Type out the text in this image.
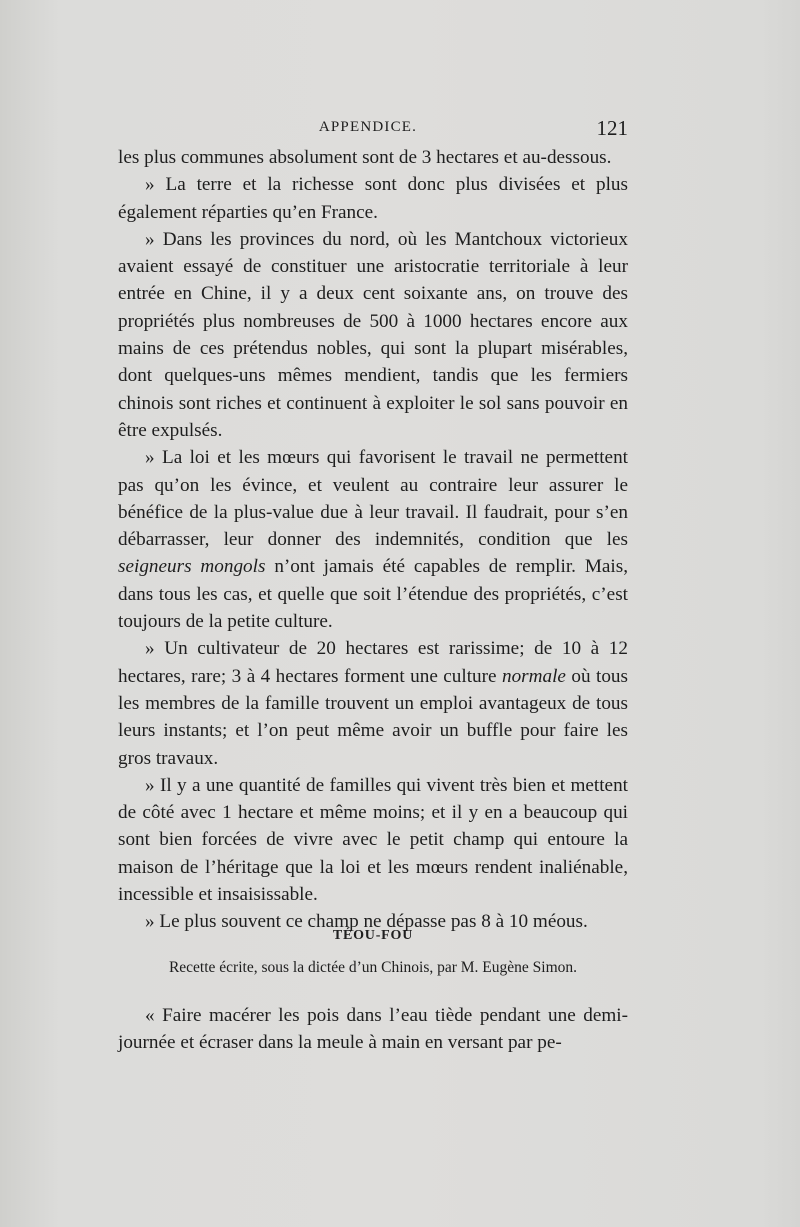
APPENDICE.	121

les plus communes absolument sont de 3 hectares et au-dessous.

» La terre et la richesse sont donc plus divisées et plus également réparties qu’en France.

» Dans les provinces du nord, où les Mantchoux victorieux avaient essayé de constituer une aristocratie territoriale à leur entrée en Chine, il y a deux cent soixante ans, on trouve des propriétés plus nombreuses de 500 à 1000 hectares encore aux mains de ces prétendus nobles, qui sont la plupart misérables, dont quelques-uns mêmes mendient, tandis que les fermiers chinois sont riches et continuent à exploiter le sol sans pouvoir en être expulsés.

» La loi et les mœurs qui favorisent le travail ne permettent pas qu’on les évince, et veulent au contraire leur assurer le bénéfice de la plus-value due à leur travail. Il faudrait, pour s’en débarrasser, leur donner des indemnités, condition que les seigneurs mongols n’ont jamais été capables de remplir. Mais, dans tous les cas, et quelle que soit l’étendue des propriétés, c’est toujours de la petite culture.

» Un cultivateur de 20 hectares est rarissime; de 10 à 12 hectares, rare; 3 à 4 hectares forment une culture normale où tous les membres de la famille trouvent un emploi avantageux de tous leurs instants; et l’on peut même avoir un buffle pour faire les gros travaux.

» Il y a une quantité de familles qui vivent très bien et mettent de côté avec 1 hectare et même moins; et il y en a beaucoup qui sont bien forcées de vivre avec le petit champ qui entoure la maison de l’héritage que la loi et les mœurs rendent inaliénable, incessible et insaisissable.

» Le plus souvent ce champ ne dépasse pas 8 à 10 méous.

TÉOU-FOU
Recette écrite, sous la dictée d’un Chinois, par M. Eugène Simon.

« Faire macérer les pois dans l’eau tiède pendant une demi-journée et écraser dans la meule à main en versant par pe-
